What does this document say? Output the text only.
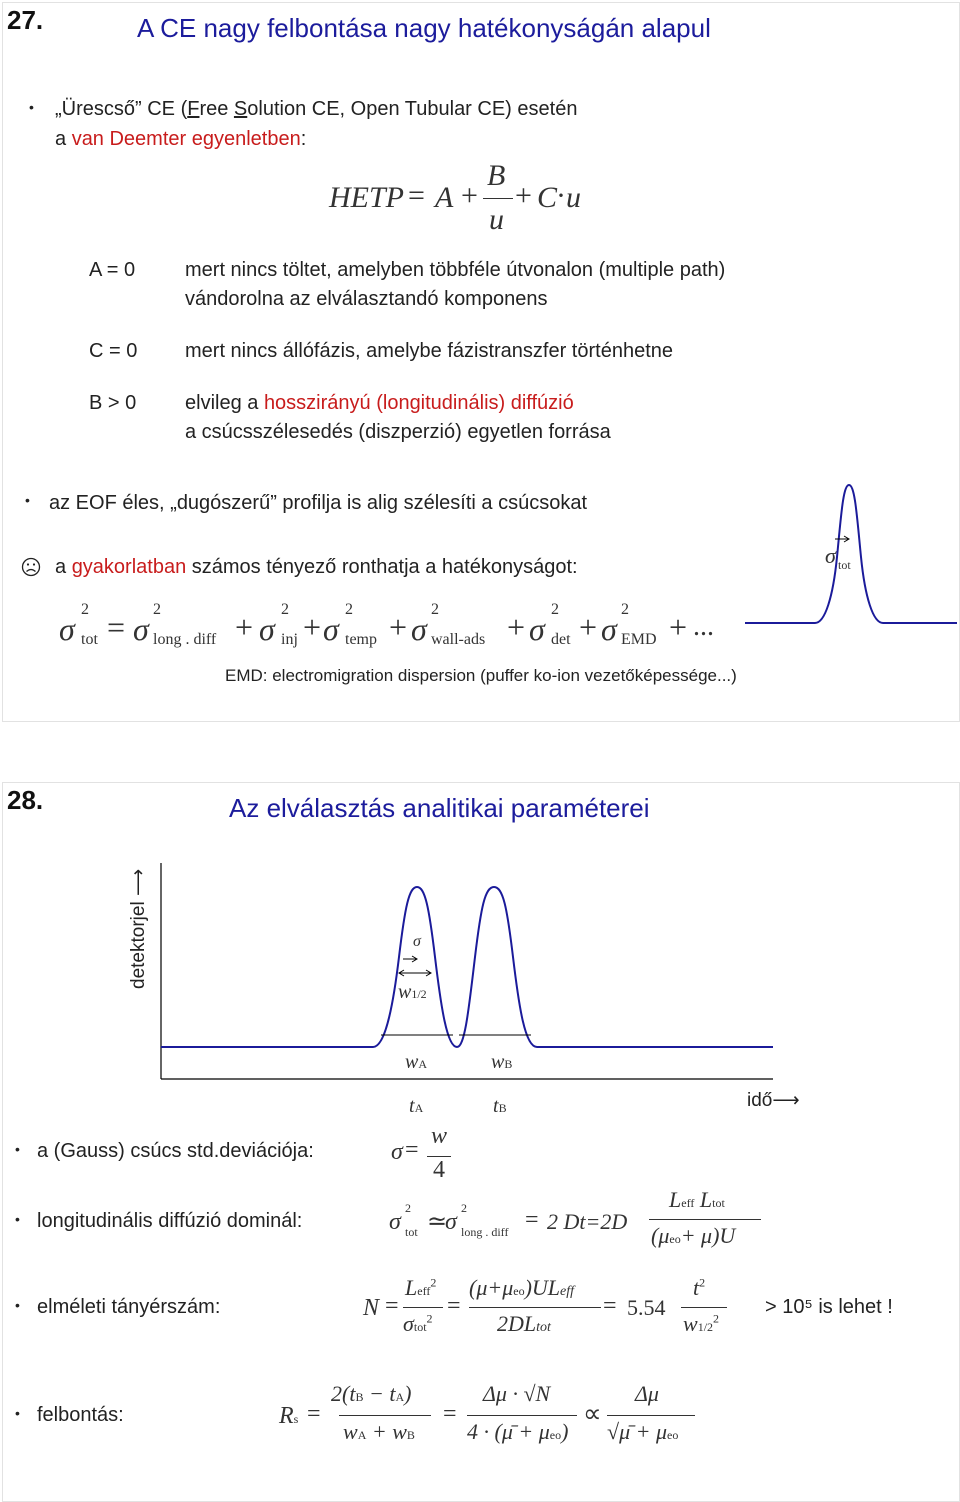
27.	A CE nagy felbontása nagy hatékonyságán alapul
• „Ürescső” CE (Free Solution CE, Open Tubular CE) esetén
a van Deemter egyenletben:
HETP = A +
B
u
+ C
· u
A = 0 mert nincs töltet, amelyben többféle útvonalon (multiple path)
vándorolna az elválasztandó komponens
C = 0 mert nincs állófázis, amelybe fázistranszfer történhetne
B > 0 elvileg a hosszirányú (longitudinális) diffúzió
a csúcsszélesedés (diszperzió) egyetlen forrása
• az EOF éles, „dugószerű” profilja is alig szélesíti a csúcsokat
a gyakorlatban számos tényező ronthatja a hatékonyságot:
σ
2
tot = σ
2
long . diff + σ
2
inj + σ
2
temp + σ
2
wall-ads + σ
2
det + σ
2
EMD + ...
EMD: electromigration dispersion (puffer ko-ion vezetőképessége...)
σ tot
28.	Az elválasztás analitikai paraméterei
detektorjel ⟶
σ
w1/2
wA	wB
tA	tB	idő⟶
• a (Gauss) csúcs std.deviációja:	σ =
w
4
• longitudinális diffúzió dominál:	σ
2
tot ≃
σ
2
long . diff = 2 Dt=2D
Leff Ltot
(μeo+ μ)U
• elméleti tányérszám:	N =
Leff$^2$
σtot$^2$ =
(μ+μeo)ULeff
2DLtot
= 5.54
$t^2$
$w1/2^2$
> 10⁵ is lehet !
• felbontás:	Rs =
2(tB − tA)
wA + wB
=
Δμ · √N
4 · (μ̄ + μeo)
∝
Δμ
√μ̄ + μeo
